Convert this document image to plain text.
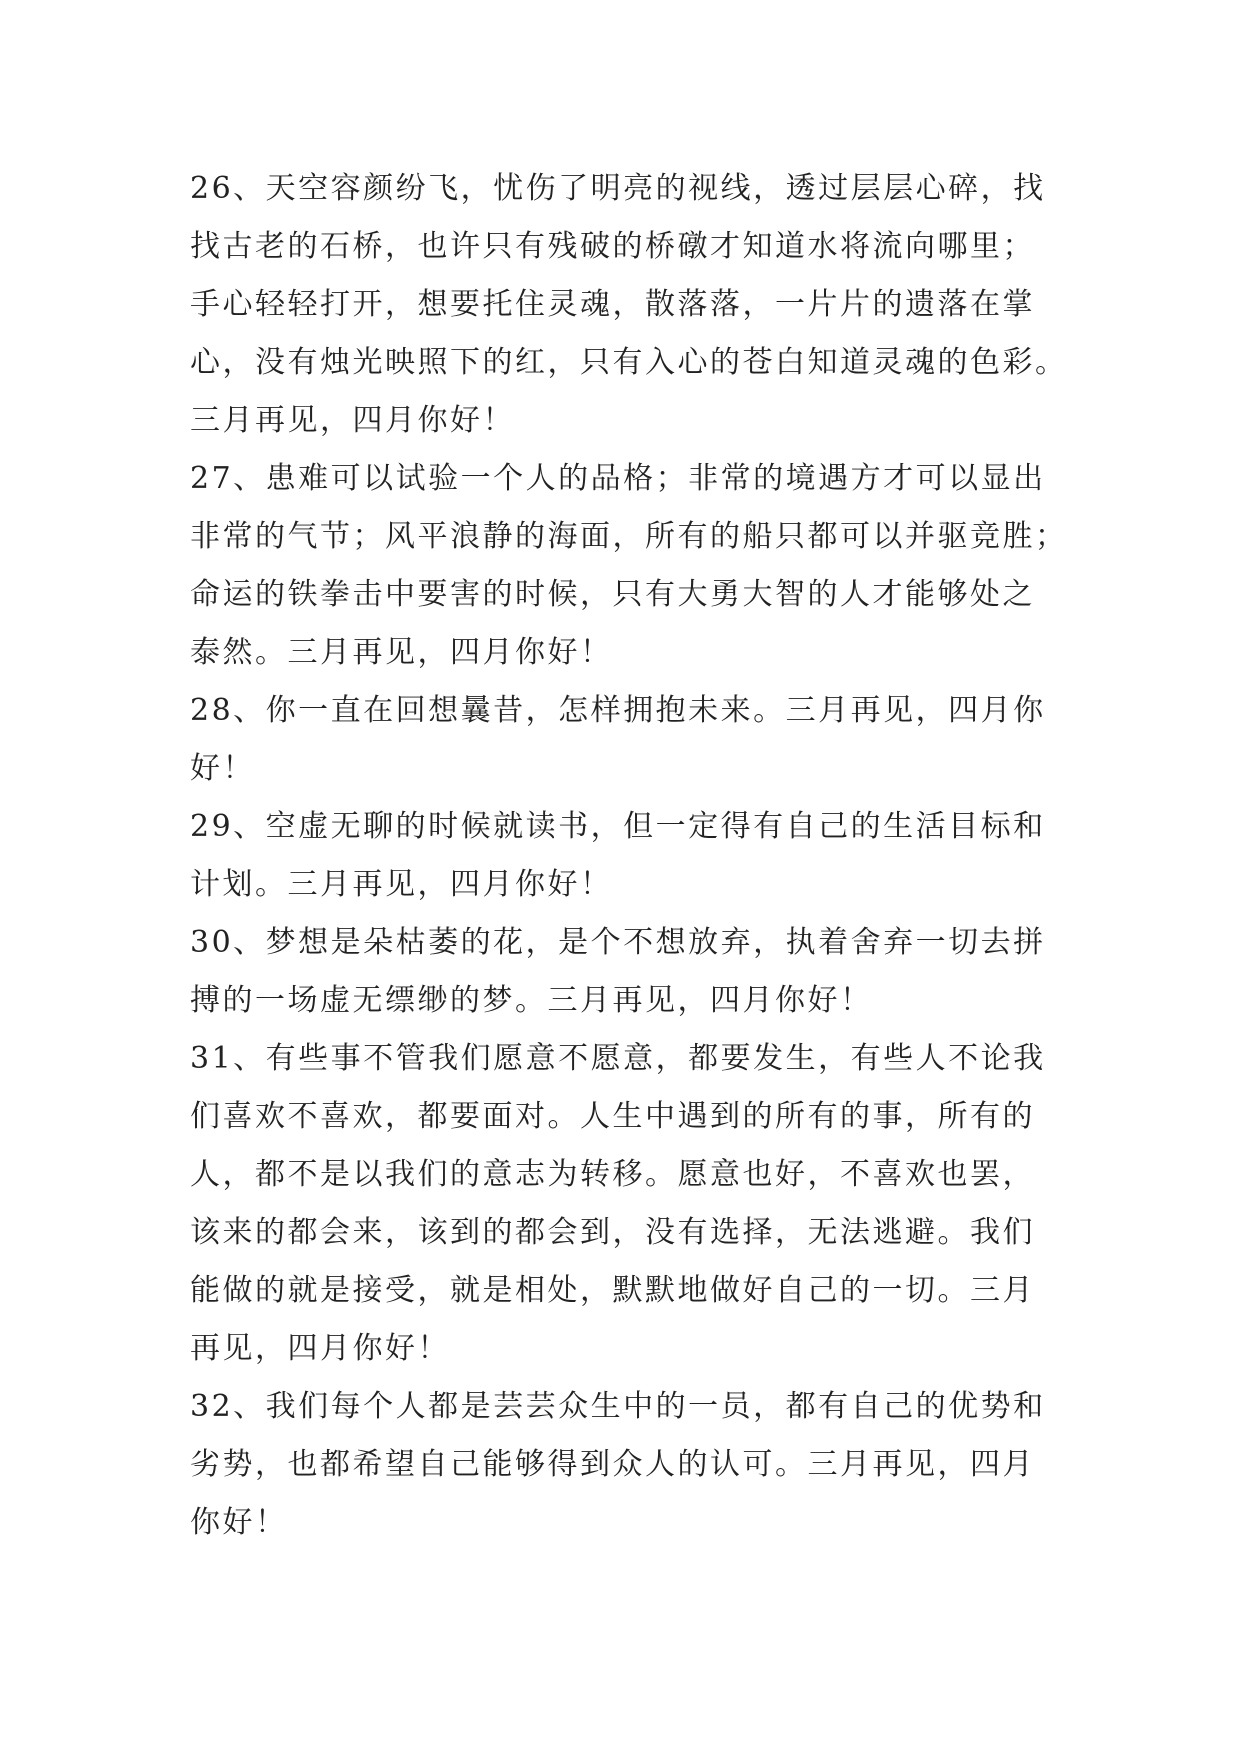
26、天空容颜纷飞，忧伤了明亮的视线，透过层层心碎，找
找古老的石桥，也许只有残破的桥礅才知道水将流向哪里；
手心轻轻打开，想要托住灵魂，散落落，一片片的遗落在掌
心，没有烛光映照下的红，只有入心的苍白知道灵魂的色彩。
三月再见，四月你好！
27、患难可以试验一个人的品格；非常的境遇方才可以显出
非常的气节；风平浪静的海面，所有的船只都可以并驱竞胜；
命运的铁拳击中要害的时候，只有大勇大智的人才能够处之
泰然。三月再见，四月你好！
28、你一直在回想曩昔，怎样拥抱未来。三月再见，四月你
好！
29、空虚无聊的时候就读书，但一定得有自己的生活目标和
计划。三月再见，四月你好！
30、梦想是朵枯萎的花，是个不想放弃，执着舍弃一切去拼
搏的一场虚无缥缈的梦。三月再见，四月你好！
31、有些事不管我们愿意不愿意，都要发生，有些人不论我
们喜欢不喜欢，都要面对。人生中遇到的所有的事，所有的
人，都不是以我们的意志为转移。愿意也好，不喜欢也罢，
该来的都会来，该到的都会到，没有选择，无法逃避。我们
能做的就是接受，就是相处，默默地做好自己的一切。三月
再见，四月你好！
32、我们每个人都是芸芸众生中的一员，都有自己的优势和
劣势，也都希望自己能够得到众人的认可。三月再见，四月
你好！
